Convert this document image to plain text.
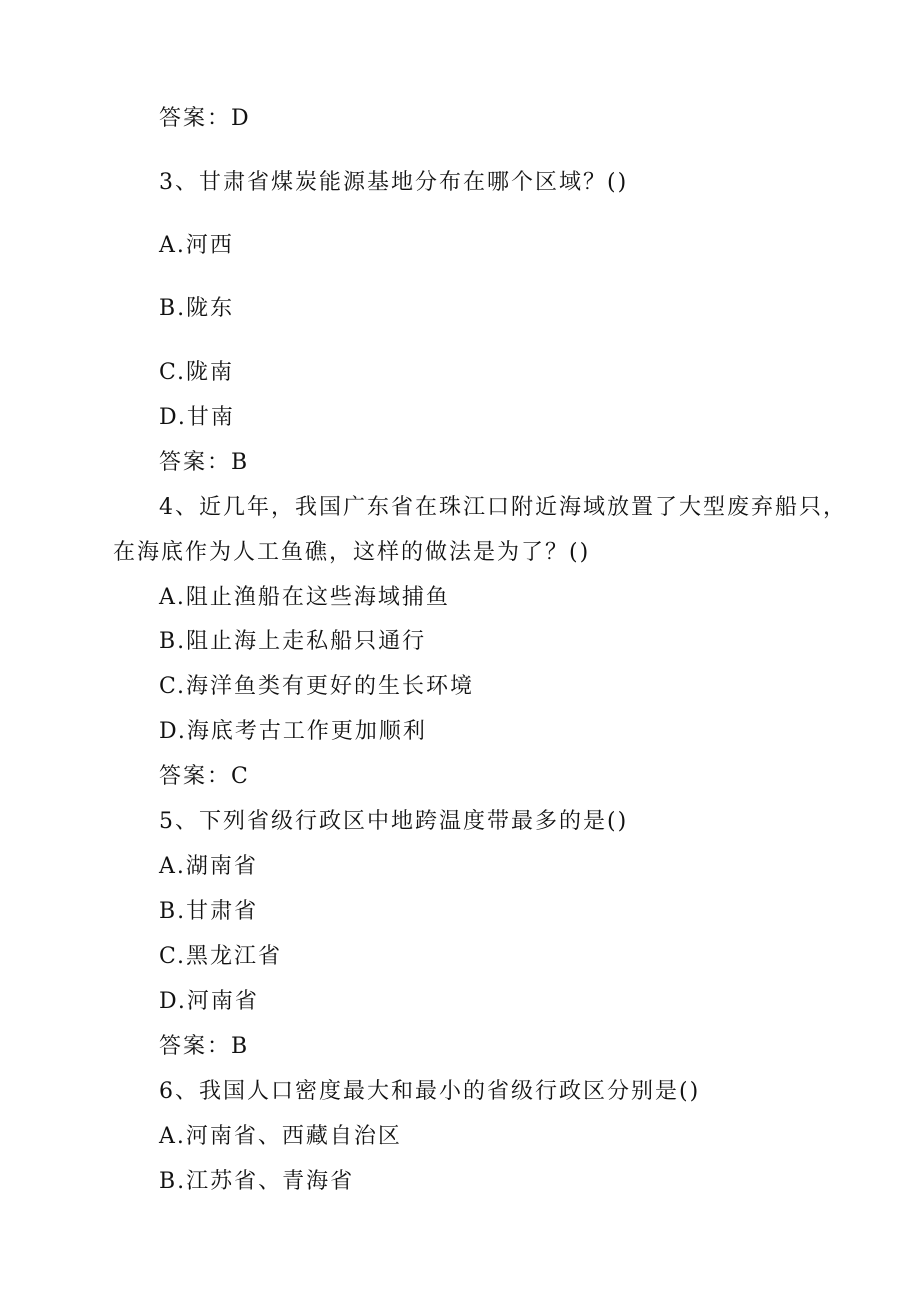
答案：D
3、甘肃省煤炭能源基地分布在哪个区域？()
A.河西
B.陇东
C.陇南
D.甘南
答案：B
4、近几年，我国广东省在珠江口附近海域放置了大型废弃船只，
在海底作为人工鱼礁，这样的做法是为了？()
A.阻止渔船在这些海域捕鱼
B.阻止海上走私船只通行
C.海洋鱼类有更好的生长环境
D.海底考古工作更加顺利
答案：C
5、下列省级行政区中地跨温度带最多的是()
A.湖南省
B.甘肃省
C.黑龙江省
D.河南省
答案：B
6、我国人口密度最大和最小的省级行政区分别是()
A.河南省、西藏自治区
B.江苏省、青海省
